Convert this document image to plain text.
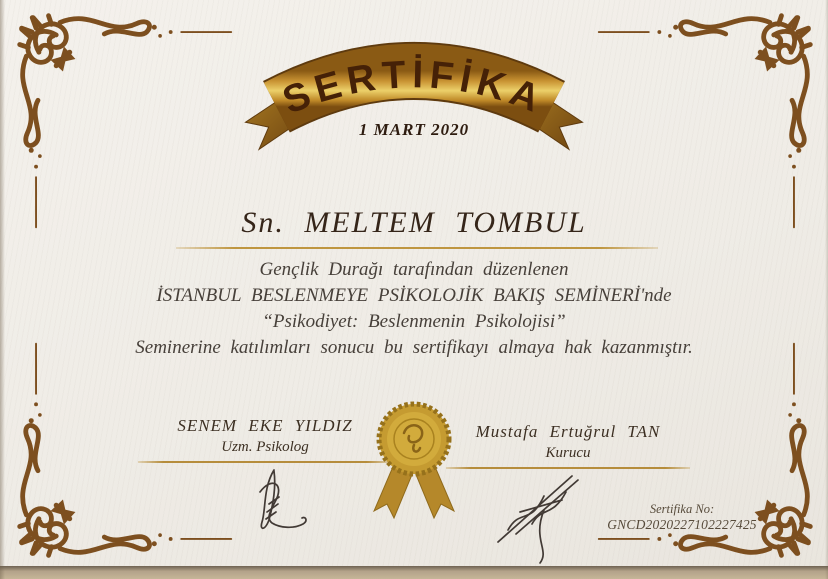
SERTİFİKA
1 MART 2020
Sn. MELTEM TOMBUL
Gençlik Durağı tarafından düzenlenen
İSTANBUL BESLENMEYE PSİKOLOJİK BAKIŞ SEMİNERİ'nde
“Psikodiyet: Beslenmenin Psikolojisi”
Seminerine katılımları sonucu bu sertifikayı almaya hak kazanmıştır.
SENEM EKE YILDIZ
Uzm. Psikolog
Mustafa Ertuğrul TAN
Kurucu
Sertifika No:
GNCD2020227102227425
